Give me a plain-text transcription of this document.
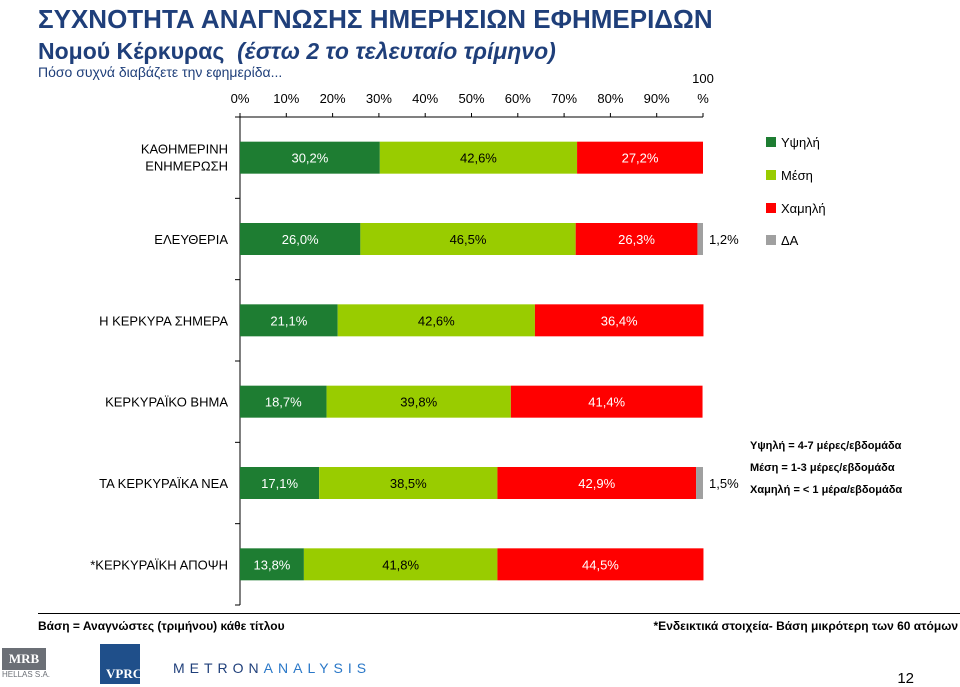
ΣΥΧΝΟΤΗΤΑ ΑΝΑΓΝΩΣΗΣ ΗΜΕΡΗΣΙΩΝ ΕΦΗΜΕΡΙΔΩΝ
Νομού Κέρκυρας (έστω 2 το τελευταίο τρίμηνο)
Πόσο συχνά διαβάζετε την εφημερίδα...
0% 10% 20% 30% 40% 50% 60% 70% 80% 90%
100
%
ΚΑΘΗΜΕΡΙΝΗ
ΕΝΗΜΕΡΩΣΗ
30,2%	42,6%	27,2%
ΕΛΕΥΘΕΡΙΑ	26,0%	46,5%	26,3%	1,2%
Η ΚΕΡΚΥΡΑ ΣΗΜΕΡΑ	21,1%	42,6%	36,4%
ΚΕΡΚΥΡΑΪΚΟ ΒΗΜΑ	18,7%	39,8%	41,4%
ΤΑ ΚΕΡΚΥΡΑΪΚΑ ΝΕΑ	17,1%	38,5%	42,9%	1,5%
*ΚΕΡΚΥΡΑΪΚΗ ΑΠΟΨΗ 13,8%	41,8%	44,5%
Υψηλή
Μέση
Χαμηλή
ΔΑ
Υψηλή = 4-7 μέρες/εβδομάδα
Μέση = 1-3 μέρες/εβδομάδα
Χαμηλή = < 1 μέρα/εβδομάδα
Βάση = Αναγνώστες (τριμήνου) κάθε τίτλου	*Ενδεικτικά στοιχεία- Βάση μικρότερη των 60 ατόμων
MRB
HELLAS S.A.	VPRC METRONANALYSIS
12
